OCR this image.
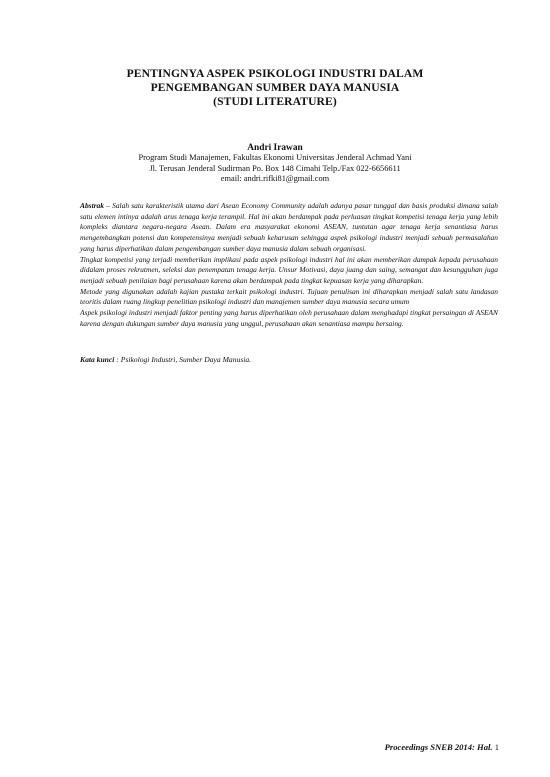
PENTINGNYA ASPEK PSIKOLOGI INDUSTRI DALAM
PENGEMBANGAN SUMBER DAYA MANUSIA
(STUDI LITERATURE)
Andri Irawan
Program Studi Manajemen, Fakultas Ekonomi Universitas Jenderal Achmad Yani
Jl. Terusan Jenderal Sudirman Po. Box 148 Cimahi Telp./Fax 022-6656611
email: andri.rifki81@gmail.com

Abstrak – Salah satu karakteristik utama dari Asean Economy Community adalah adanya pasar tunggal dan basis produksi dimana salah satu elemen intinya adalah arus tenaga kerja terampil. Hal ini akan berdampak pada perluasan tingkat kompetisi tenaga kerja yang lebih kompleks diantara negara-negara Asean. Dalam era masyarakat ekonomi ASEAN, tuntutan agar tenaga kerja senantiasa harus mengembangkan potensi dan kompetensinya menjadi sebuah keharusan sehingga aspek psikologi industri menjadi sebuah permasalahan yang harus diperhatikan dalam pengembangan sumber daya manusia dalam sebuah organisasi.

Tingkat kompetisi yang terjadi memberikan implikasi pada aspek psikologi industri hal ini akan memberikan dampak kepada perusahaan didalam proses rekrutmen, seleksi dan penempatan tenaga kerja. Unsur Motivasi, daya juang dan saing, semangat dan kesungguhan juga menjadi sebuah penilaian bagi perusahaan karena akan berdampak pada tingkat kepuasan kerja yang diharapkan.

Metode yang digunakan adalah kajian pustaka terkait psikologi industri. Tujuan penulisan ini diharapkan menjadi salah satu landasan teoritis dalam ruang lingkup penelitian psikologi industri dan manajemen sumber daya manusia secara umum

Aspek psikologi industri menjadi faktor penting yang harus diperhatikan oleh perusahaan dalam menghadapi tingkat persaingan di ASEAN karena dengan dukungan sumber daya manusia yang unggul, perusahaan akan senantiasa mampu bersaing.

Kata kunci : Psikologi Industri, Sumber Daya Manusia.
Proceedings SNEB 2014: Hal. 1
